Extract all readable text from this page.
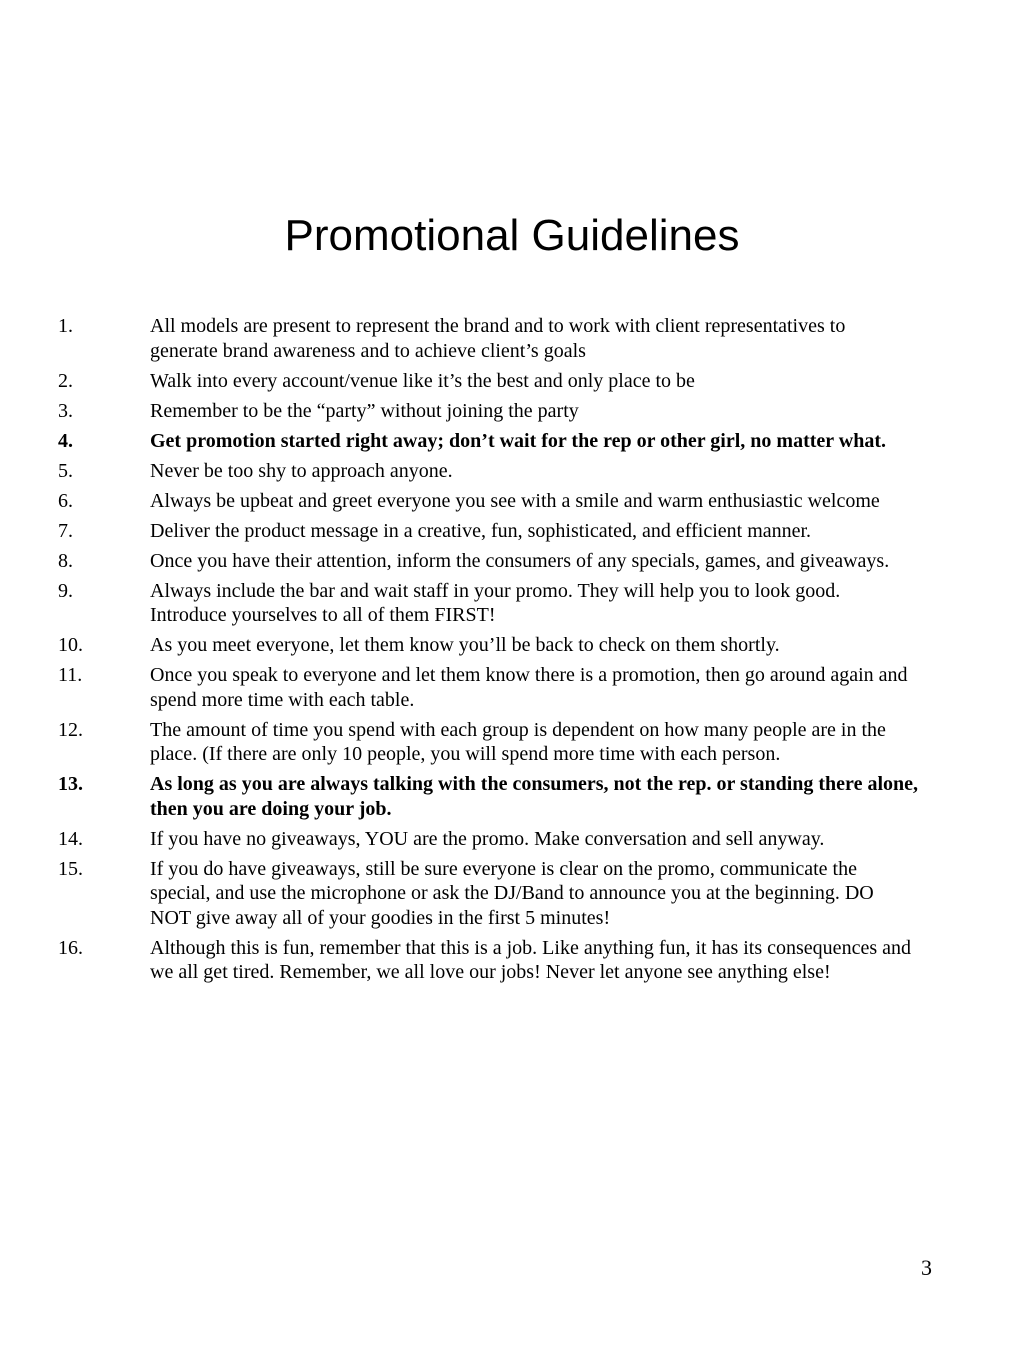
Promotional Guidelines
1.	All models are present to represent the brand and to work with client representatives to generate brand awareness and to achieve client’s goals
2.	Walk into every account/venue like it’s the best and only place to be
3.	Remember to be the “party” without joining the party
4.	Get promotion started right away; don’t wait for the rep or other girl, no matter what.
5.	Never be too shy to approach anyone.
6.	Always be upbeat and greet everyone you see with a smile and warm enthusiastic welcome
7.	Deliver the product message in a creative, fun, sophisticated, and efficient manner.
8.	Once you have their attention, inform the consumers of any specials, games, and giveaways.
9.	Always include the bar and wait staff in your promo. They will help you to look good. Introduce yourselves to all of them FIRST!
10.	As you meet everyone, let them know you’ll be back to check on them shortly.
11.	Once you speak to everyone and let them know there is a promotion, then go around again and spend more time with each table.
12.	The amount of time you spend with each group is dependent on how many people are in the place. (If there are only 10 people, you will spend more time with each person.
13.	As long as you are always talking with the consumers, not the rep. or standing there alone, then you are doing your job.
14.	If you have no giveaways, YOU are the promo. Make conversation and sell anyway.
15.	If you do have giveaways, still be sure everyone is clear on the promo, communicate the special, and use the microphone or ask the DJ/Band to announce you at the beginning. DO NOT give away all of your goodies in the first 5 minutes!
16.	Although this is fun, remember that this is a job. Like anything fun, it has its consequences and we all get tired. Remember, we all love our jobs! Never let anyone see anything else!
3
